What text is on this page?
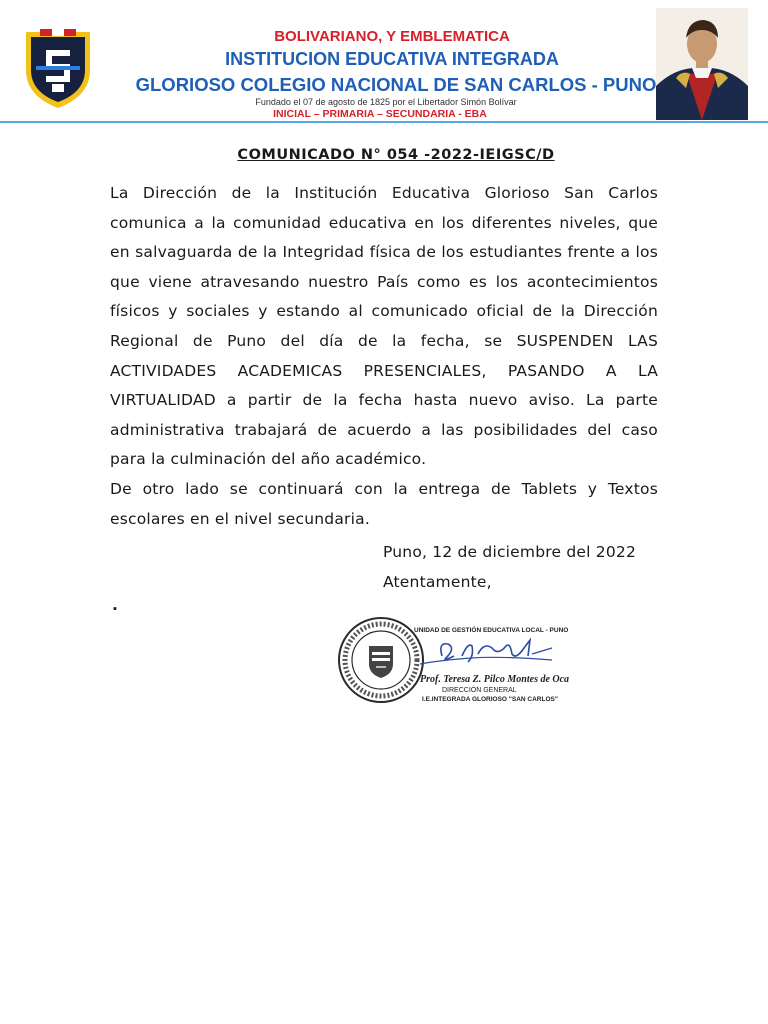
BOLIVARIANO, Y EMBLEMATICA
INSTITUCION EDUCATIVA INTEGRADA
GLORIOSO COLEGIO NACIONAL DE SAN CARLOS - PUNO
Fundado el 07 de agosto de 1825 por el Libertador Simón Bolívar
INICIAL – PRIMARIA – SECUNDARIA - EBA
COMUNICADO N° 054 -2022-IEIGSC/D

La Dirección de la Institución Educativa Glorioso San Carlos comunica a la comunidad educativa en los diferentes niveles, que en salvaguarda de la Integridad física de los estudiantes frente a los que viene atravesando nuestro País como es los acontecimientos físicos y sociales y estando al comunicado oficial de la Dirección Regional de Puno del día de la fecha, se SUSPENDEN LAS ACTIVIDADES ACADEMICAS PRESENCIALES, PASANDO A LA VIRTUALIDAD a partir de la fecha hasta nuevo aviso. La parte administrativa trabajará de acuerdo a las posibilidades del caso para la culminación del año académico.

De otro lado se continuará con la entrega de Tablets y Textos escolares en el nivel secundaria.

Puno, 12 de diciembre del 2022
Atentamente,
.
UNIDAD DE GESTIÓN EDUCATIVA LOCAL - PUNO
Prof. Teresa Z. Pilco Montes de Oca
DIRECCIÓN GENERAL
I.E.INTEGRADA GLORIOSO "SAN CARLOS"
